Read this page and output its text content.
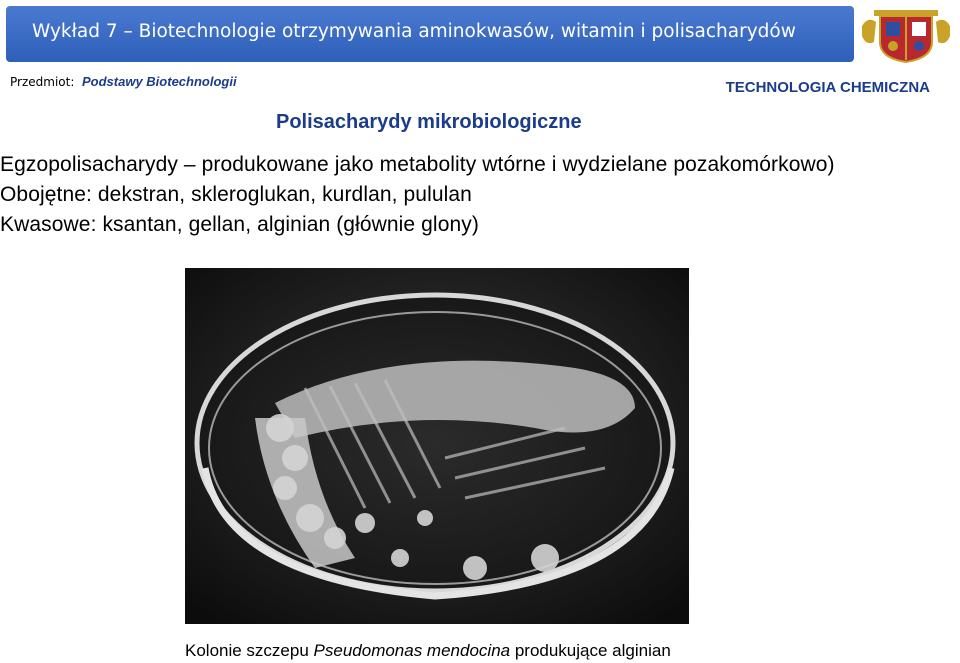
Wykład 7 – Biotechnologie otrzymywania aminokwasów, witamin i polisacharydów
Przedmiot: Podstawy Biotechnologii	TECHNOLOGIA CHEMICZNA
Polisacharydy mikrobiologiczne
Egzopolisacharydy – produkowane jako metabolity wtórne i wydzielane pozakomórkowo)
Obojętne: dekstran, skleroglukan, kurdlan, pululan
Kwasowe: ksantan, gellan, alginian (głównie glony)
Kolonie szczepu Pseudomonas mendocina produkujące alginian
